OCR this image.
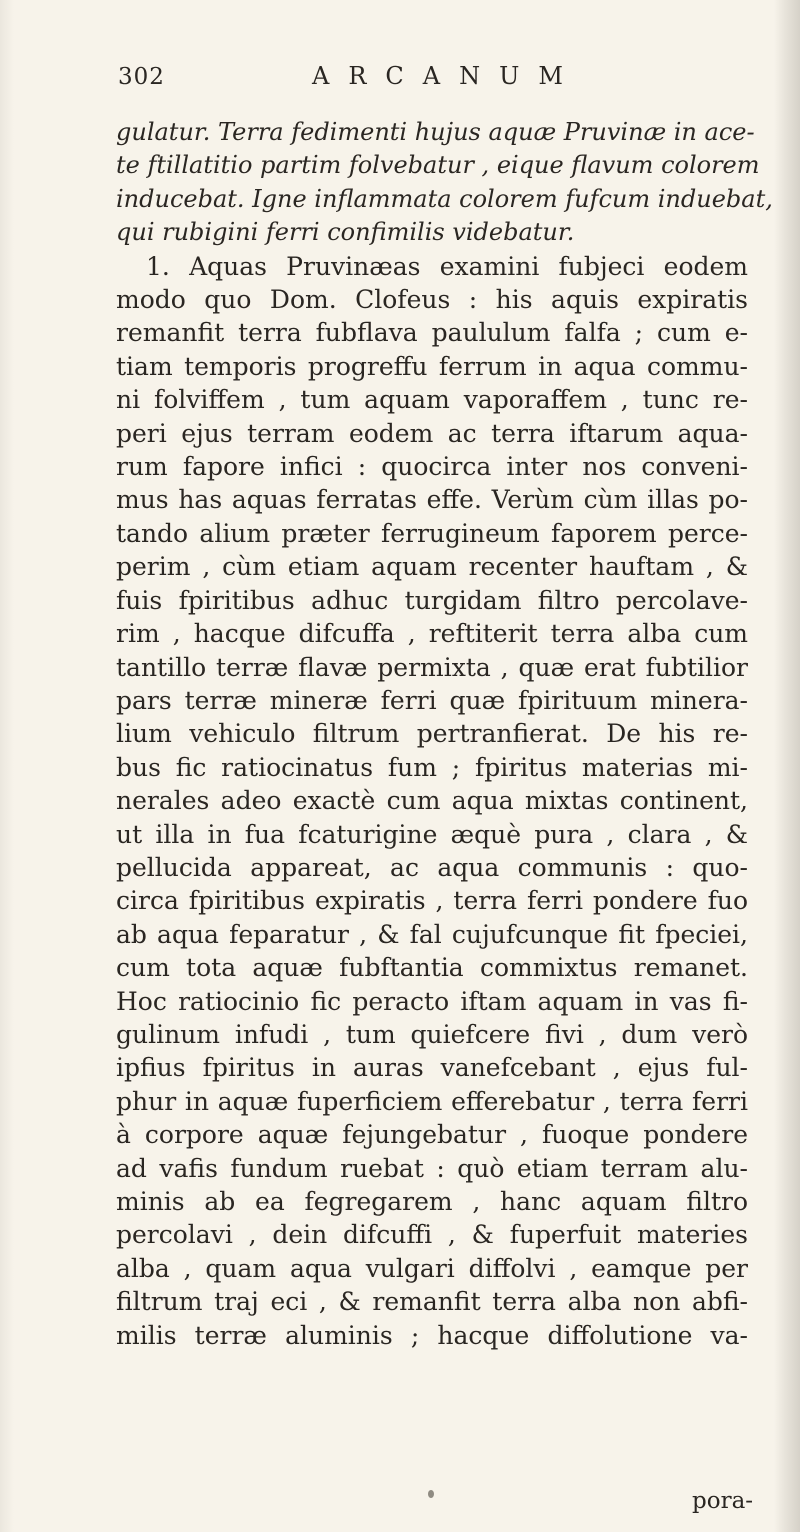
302	ARCANUM
gulatur. Terra fedimenti hujus aquæ Pruvinæ in ace-
te ftillatitio partim folvebatur , eique flavum colorem
inducebat. Igne inflammata colorem fufcum induebat,
qui rubigini ferri confimilis videbatur.
1. Aquas Pruvinæas examini fubjeci eodem
modo quo Dom. Clofeus : his aquis expiratis
remanfit terra fubflava paululum falfa ; cum e-
tiam temporis progreffu ferrum in aqua commu-
ni folviffem , tum aquam vaporaffem , tunc re-
peri ejus terram eodem ac terra iftarum aqua-
rum fapore infici : quocirca inter nos conveni-
mus has aquas ferratas effe. Verùm cùm illas po-
tando alium præter ferrugineum faporem perce-
perim , cùm etiam aquam recenter hauftam , &
fuis fpiritibus adhuc turgidam filtro percolave-
rim , hacque difcuffa , reftiterit terra alba cum
tantillo terræ flavæ permixta , quæ erat fubtilior
pars terræ mineræ ferri quæ fpirituum minera-
lium vehiculo filtrum pertranfierat. De his re-
bus fic ratiocinatus fum ; fpiritus materias mi-
nerales adeo exactè cum aqua mixtas continent,
ut illa in fua fcaturigine æquè pura , clara , &
pellucida appareat, ac aqua communis : quo-
circa fpiritibus expiratis , terra ferri pondere fuo
ab aqua feparatur , & fal cujufcunque fit fpeciei,
cum tota aquæ fubftantia commixtus remanet.
Hoc ratiocinio fic peracto iftam aquam in vas fi-
gulinum infudi , tum quiefcere fivi , dum verò
ipfius fpiritus in auras vanefcebant , ejus ful-
phur in aquæ fuperficiem efferebatur , terra ferri
à corpore aquæ fejungebatur , fuoque pondere
ad vafis fundum ruebat : quò etiam terram alu-
minis ab ea fegregarem , hanc aquam filtro
percolavi , dein difcuffi , & fuperfuit materies
alba , quam aqua vulgari diffolvi , eamque per
filtrum traj eci , & remanfit terra alba non abfi-
milis terræ aluminis ; hacque diffolutione va-
pora-
